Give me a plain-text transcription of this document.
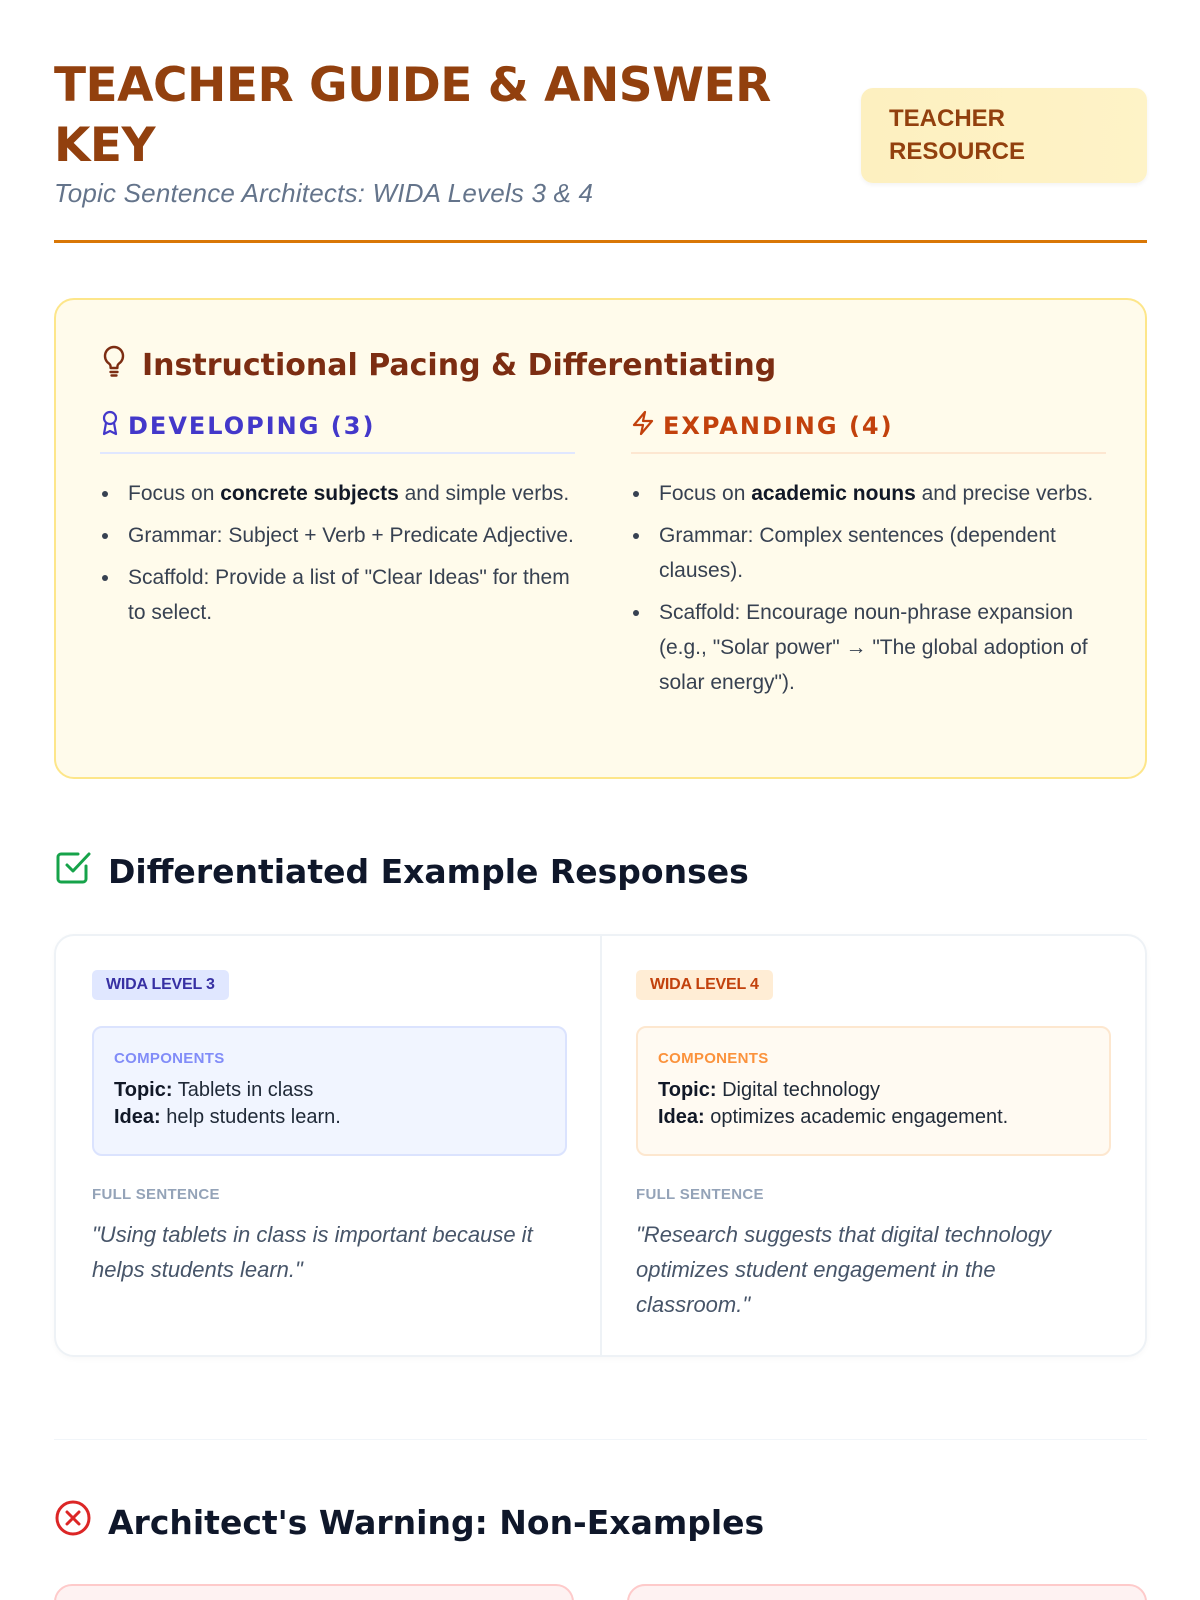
TEACHER GUIDE & ANSWER KEY
Topic Sentence Architects: WIDA Levels 3 & 4
TEACHER RESOURCE
Instructional Pacing & Differentiating
DEVELOPING (3)
Focus on concrete subjects and simple verbs.
Grammar: Subject + Verb + Predicate Adjective.
Scaffold: Provide a list of "Clear Ideas" for them to select.
EXPANDING (4)
Focus on academic nouns and precise verbs.
Grammar: Complex sentences (dependent clauses).
Scaffold: Encourage noun-phrase expansion (e.g., "Solar power" → "The global adoption of solar energy").
Differentiated Example Responses
WIDA LEVEL 3
COMPONENTS
Topic: Tablets in class
Idea: help students learn.
FULL SENTENCE
"Using tablets in class is important because it helps students learn."
WIDA LEVEL 4
COMPONENTS
Topic: Digital technology
Idea: optimizes academic engagement.
FULL SENTENCE
"Research suggests that digital technology optimizes student engagement in the classroom."
Architect's Warning: Non-Examples
